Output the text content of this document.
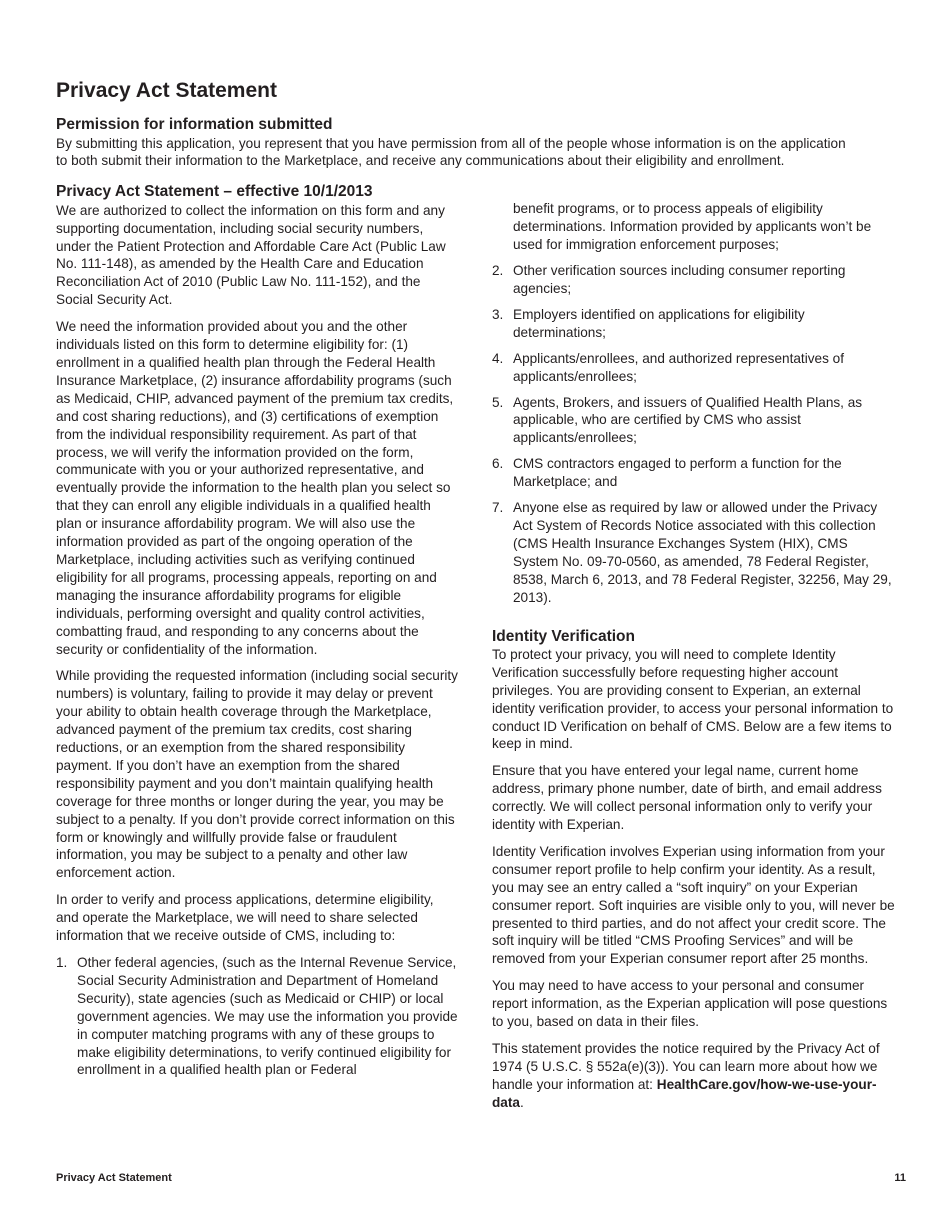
Privacy Act Statement
Permission for information submitted

By submitting this application, you represent that you have permission from all of the people whose information is on the application to both submit their information to the Marketplace, and receive any communications about their eligibility and enrollment.

Privacy Act Statement – effective 10/1/2013

We are authorized to collect the information on this form and any supporting documentation, including social security numbers, under the Patient Protection and Affordable Care Act (Public Law No. 111-148), as amended by the Health Care and Education Reconciliation Act of 2010 (Public Law No. 111-152), and the Social Security Act.

We need the information provided about you and the other individuals listed on this form to determine eligibility for: (1) enrollment in a qualified health plan through the Federal Health Insurance Marketplace, (2) insurance affordability programs (such as Medicaid, CHIP, advanced payment of the premium tax credits, and cost sharing reductions), and (3) certifications of exemption from the individual responsibility requirement. As part of that process, we will verify the information provided on the form, communicate with you or your authorized representative, and eventually provide the information to the health plan you select so that they can enroll any eligible individuals in a qualified health plan or insurance affordability program. We will also use the information provided as part of the ongoing operation of the Marketplace, including activities such as verifying continued eligibility for all programs, processing appeals, reporting on and managing the insurance affordability programs for eligible individuals, performing oversight and quality control activities, combatting fraud, and responding to any concerns about the security or confidentiality of the information.

While providing the requested information (including social security numbers) is voluntary, failing to provide it may delay or prevent your ability to obtain health coverage through the Marketplace, advanced payment of the premium tax credits, cost sharing reductions, or an exemption from the shared responsibility payment. If you don’t have an exemption from the shared responsibility payment and you don’t maintain qualifying health coverage for three months or longer during the year, you may be subject to a penalty. If you don’t provide correct information on this form or knowingly and willfully provide false or fraudulent information, you may be subject to a penalty and other law enforcement action.

In order to verify and process applications, determine eligibility, and operate the Marketplace, we will need to share selected information that we receive outside of CMS, including to:

1. Other federal agencies, (such as the Internal Revenue Service, Social Security Administration and Department of Homeland Security), state agencies (such as Medicaid or CHIP) or local government agencies. We may use the information you provide in computer matching programs with any of these groups to make eligibility determinations, to verify continued eligibility for enrollment in a qualified health plan or Federal
benefit programs, or to process appeals of eligibility determinations. Information provided by applicants won’t be used for immigration enforcement purposes;
2. Other verification sources including consumer reporting agencies;
3. Employers identified on applications for eligibility determinations;
4. Applicants/enrollees, and authorized representatives of applicants/enrollees;
5. Agents, Brokers, and issuers of Qualified Health Plans, as applicable, who are certified by CMS who assist applicants/enrollees;
6. CMS contractors engaged to perform a function for the Marketplace; and
7. Anyone else as required by law or allowed under the Privacy Act System of Records Notice associated with this collection (CMS Health Insurance Exchanges System (HIX), CMS System No. 09-70-0560, as amended, 78 Federal Register, 8538, March 6, 2013, and 78 Federal Register, 32256, May 29, 2013).
Identity Verification

To protect your privacy, you will need to complete Identity Verification successfully before requesting higher account privileges. You are providing consent to Experian, an external identity verification provider, to access your personal information to conduct ID Verification on behalf of CMS. Below are a few items to keep in mind.

Ensure that you have entered your legal name, current home address, primary phone number, date of birth, and email address correctly. We will collect personal information only to verify your identity with Experian.

Identity Verification involves Experian using information from your consumer report profile to help confirm your identity. As a result, you may see an entry called a “soft inquiry” on your Experian consumer report. Soft inquiries are visible only to you, will never be presented to third parties, and do not affect your credit score. The soft inquiry will be titled “CMS Proofing Services” and will be removed from your Experian consumer report after 25 months.

You may need to have access to your personal and consumer report information, as the Experian application will pose questions to you, based on data in their files.

This statement provides the notice required by the Privacy Act of 1974 (5 U.S.C. § 552a(e)(3)). You can learn more about how we handle your information at: HealthCare.gov/how-we-use-your-data.

Privacy Act Statement	11
